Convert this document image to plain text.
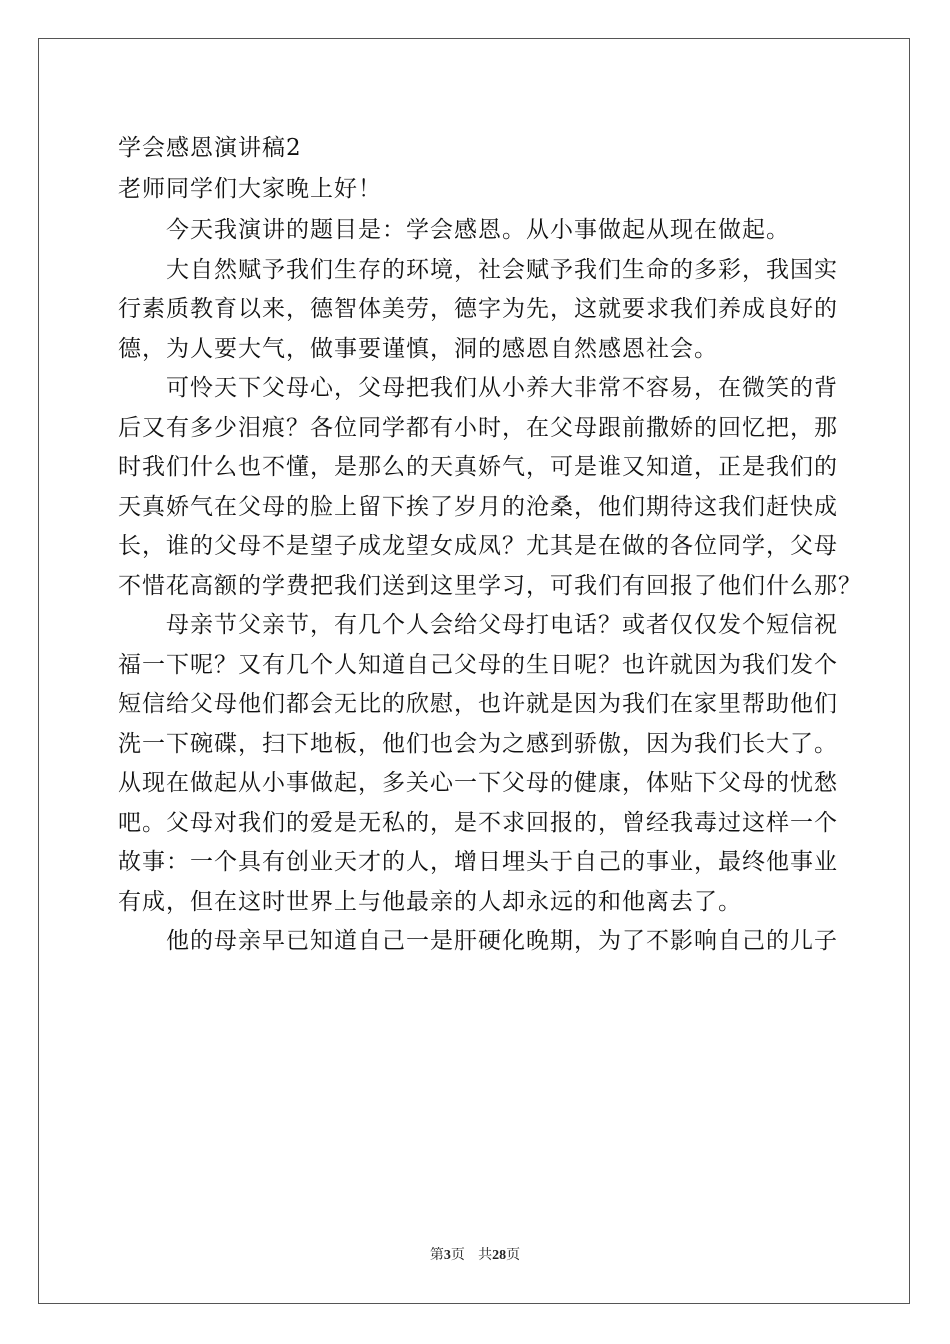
学会感恩演讲稿2
老师同学们大家晚上好！
今天我演讲的题目是：学会感恩。从小事做起从现在做起。
大自然赋予我们生存的环境，社会赋予我们生命的多彩，我国实
行素质教育以来，德智体美劳，德字为先，这就要求我们养成良好的
德，为人要大气，做事要谨慎，洞的感恩自然感恩社会。
可怜天下父母心，父母把我们从小养大非常不容易，在微笑的背
后又有多少泪痕？各位同学都有小时，在父母跟前撒娇的回忆把，那
时我们什么也不懂，是那么的天真娇气，可是谁又知道，正是我们的
天真娇气在父母的脸上留下挨了岁月的沧桑，他们期待这我们赶快成
长，谁的父母不是望子成龙望女成凤？尤其是在做的各位同学，父母
不惜花高额的学费把我们送到这里学习，可我们有回报了他们什么那？
母亲节父亲节，有几个人会给父母打电话？或者仅仅发个短信祝
福一下呢？又有几个人知道自己父母的生日呢？也许就因为我们发个
短信给父母他们都会无比的欣慰，也许就是因为我们在家里帮助他们
洗一下碗碟，扫下地板，他们也会为之感到骄傲，因为我们长大了。
从现在做起从小事做起，多关心一下父母的健康，体贴下父母的忧愁
吧。父母对我们的爱是无私的，是不求回报的，曾经我毒过这样一个
故事：一个具有创业天才的人，增日埋头于自己的事业，最终他事业
有成，但在这时世界上与他最亲的人却永远的和他离去了。
他的母亲早已知道自己一是肝硬化晚期，为了不影响自己的儿子
第3页 共28页
